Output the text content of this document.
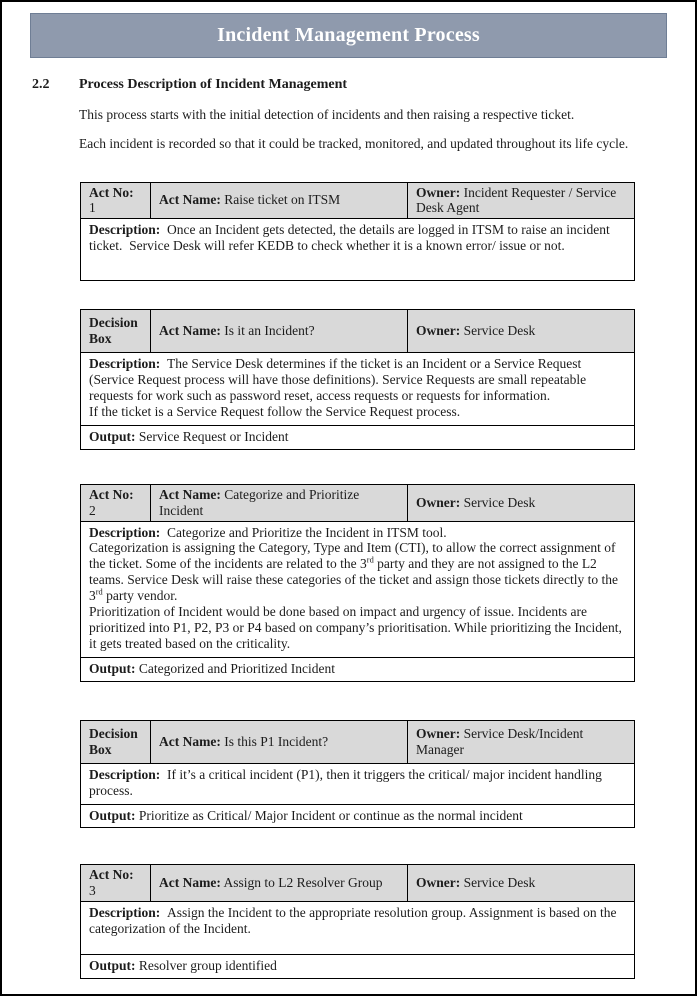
Incident Management Process
2.2	Process Description of Incident Management

This process starts with the initial detection of incidents and then raising a respective ticket.

Each incident is recorded so that it could be tracked, monitored, and updated throughout its life cycle.

Act No: 1	Act Name: Raise ticket on ITSM	Owner: Incident Requester / Service Desk Agent
Description:  Once an Incident gets detected, the details are logged in ITSM to raise an incident ticket.  Service Desk will refer KEDB to check whether it is a known error/ issue or not.
Decision Box	Act Name: Is it an Incident?	Owner: Service Desk
Description:  The Service Desk determines if the ticket is an Incident or a Service Request (Service Request process will have those definitions). Service Requests are small repeatable requests for work such as password reset, access requests or requests for information.
If the ticket is a Service Request follow the Service Request process.
Output: Service Request or Incident
Act No: 2	Act Name: Categorize and Prioritize Incident	Owner: Service Desk
Description:  Categorize and Prioritize the Incident in ITSM tool.
Categorization is assigning the Category, Type and Item (CTI), to allow the correct assignment of the ticket. Some of the incidents are related to the 3rd party and they are not assigned to the L2 teams. Service Desk will raise these categories of the ticket and assign those tickets directly to the 3rd party vendor.
Prioritization of Incident would be done based on impact and urgency of issue. Incidents are prioritized into P1, P2, P3 or P4 based on company’s prioritisation. While prioritizing the Incident, it gets treated based on the criticality.
Output: Categorized and Prioritized Incident
Decision Box	Act Name: Is this P1 Incident?	Owner: Service Desk/Incident Manager
Description:  If it’s a critical incident (P1), then it triggers the critical/ major incident handling process.
Output: Prioritize as Critical/ Major Incident or continue as the normal incident
Act No: 3	Act Name: Assign to L2 Resolver Group	Owner: Service Desk
Description:  Assign the Incident to the appropriate resolution group. Assignment is based on the categorization of the Incident.
Output: Resolver group identified
